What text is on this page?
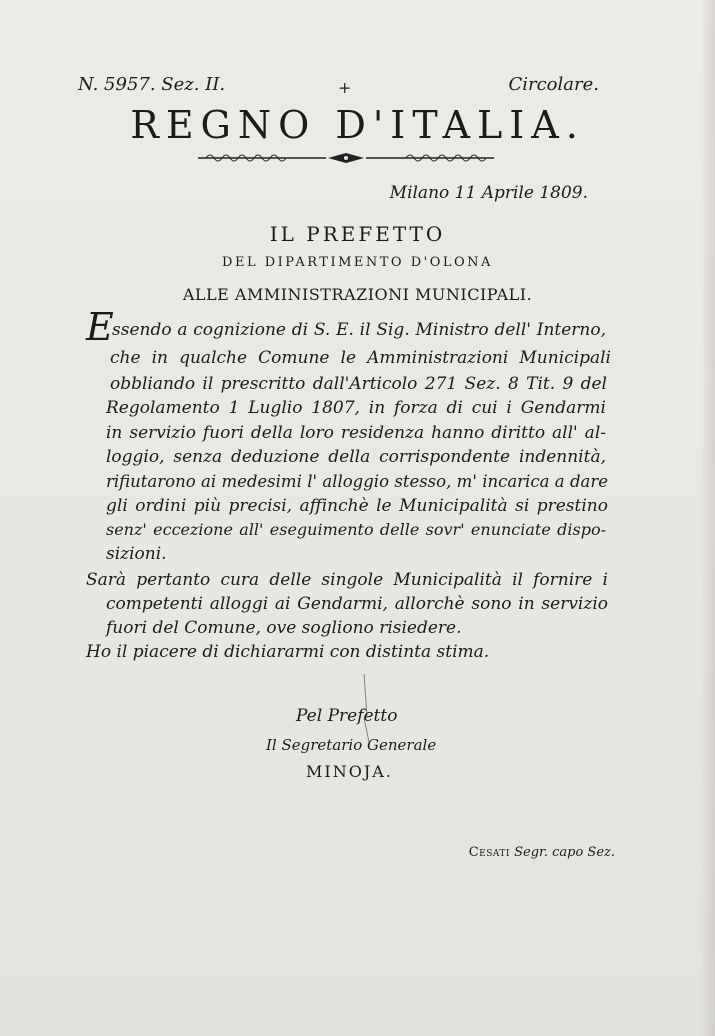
N. 5957. Sez. II.	+	Circolare.
REGNO D'ITALIA.
Milano 11 Aprile 1809.
IL PREFETTO
DEL DIPARTIMENTO D'OLONA
ALLE AMMINISTRAZIONI MUNICIPALI.
E
ssendo a cognizione di S. E. il Sig. Ministro dell' Interno,
che in qualche Comune le Amministrazioni Municipali
obbliando il prescritto dall'Articolo 271 Sez. 8 Tit. 9 del
Regolamento 1 Luglio 1807, in forza di cui i Gendarmi
in servizio fuori della loro residenza hanno diritto all' al-
loggio, senza deduzione della corrispondente indennità,
rifiutarono ai medesimi l' alloggio stesso, m' incarica a dare
gli ordini più precisi, affinchè le Municipalità si prestino
senz' eccezione all' eseguimento delle sovr' enunciate dispo-
sizioni.
Sarà pertanto cura delle singole Municipalità il fornire i
competenti alloggi ai Gendarmi, allorchè sono in servizio
fuori del Comune, ove sogliono risiedere.
Ho il piacere di dichiararmi con distinta stima.
Pel Prefetto
Il Segretario Generale
MINOJA.
Cesati Segr. capo Sez.
